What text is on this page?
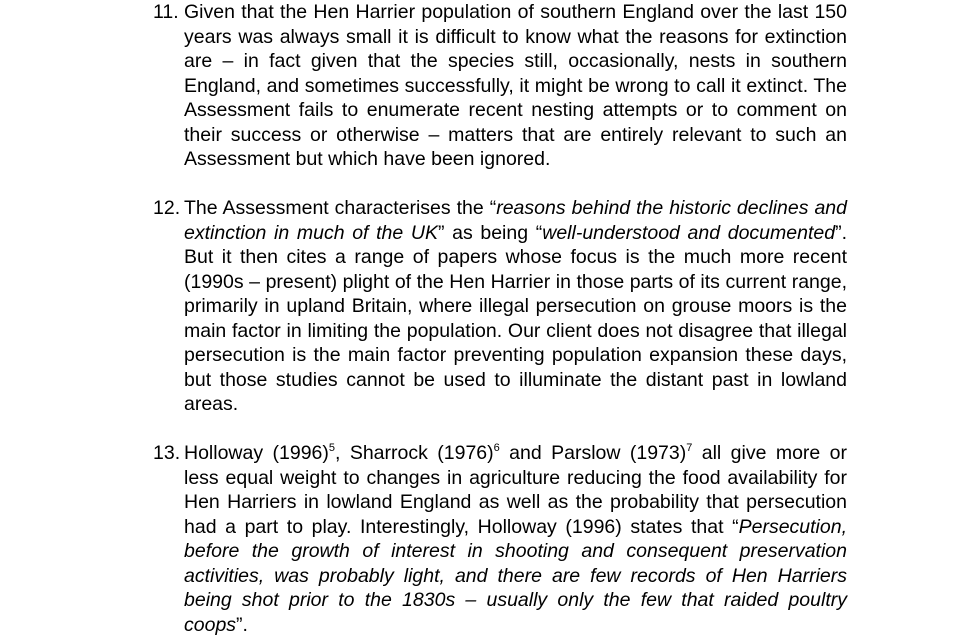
11. Given that the Hen Harrier population of southern England over the last 150 years was always small it is difficult to know what the reasons for extinction are – in fact given that the species still, occasionally, nests in southern England, and sometimes successfully, it might be wrong to call it extinct. The Assessment fails to enumerate recent nesting attempts or to comment on their success or otherwise – matters that are entirely relevant to such an Assessment but which have been ignored.
12. The Assessment characterises the “reasons behind the historic declines and extinction in much of the UK” as being “well-understood and documented”. But it then cites a range of papers whose focus is the much more recent (1990s – present) plight of the Hen Harrier in those parts of its current range, primarily in upland Britain, where illegal persecution on grouse moors is the main factor in limiting the population. Our client does not disagree that illegal persecution is the main factor preventing population expansion these days, but those studies cannot be used to illuminate the distant past in lowland areas.
13. Holloway $(1996)^5$, Sharrock $(1976)^6$ and Parslow $(1973)^7$ all give more or less equal weight to changes in agriculture reducing the food availability for Hen Harriers in lowland England as well as the probability that persecution had a part to play. Interestingly, Holloway (1996) states that “Persecution, before the growth of interest in shooting and consequent preservation activities, was probably light, and there are few records of Hen Harriers being shot prior to the 1830s – usually only the few that raided poultry coops”.
